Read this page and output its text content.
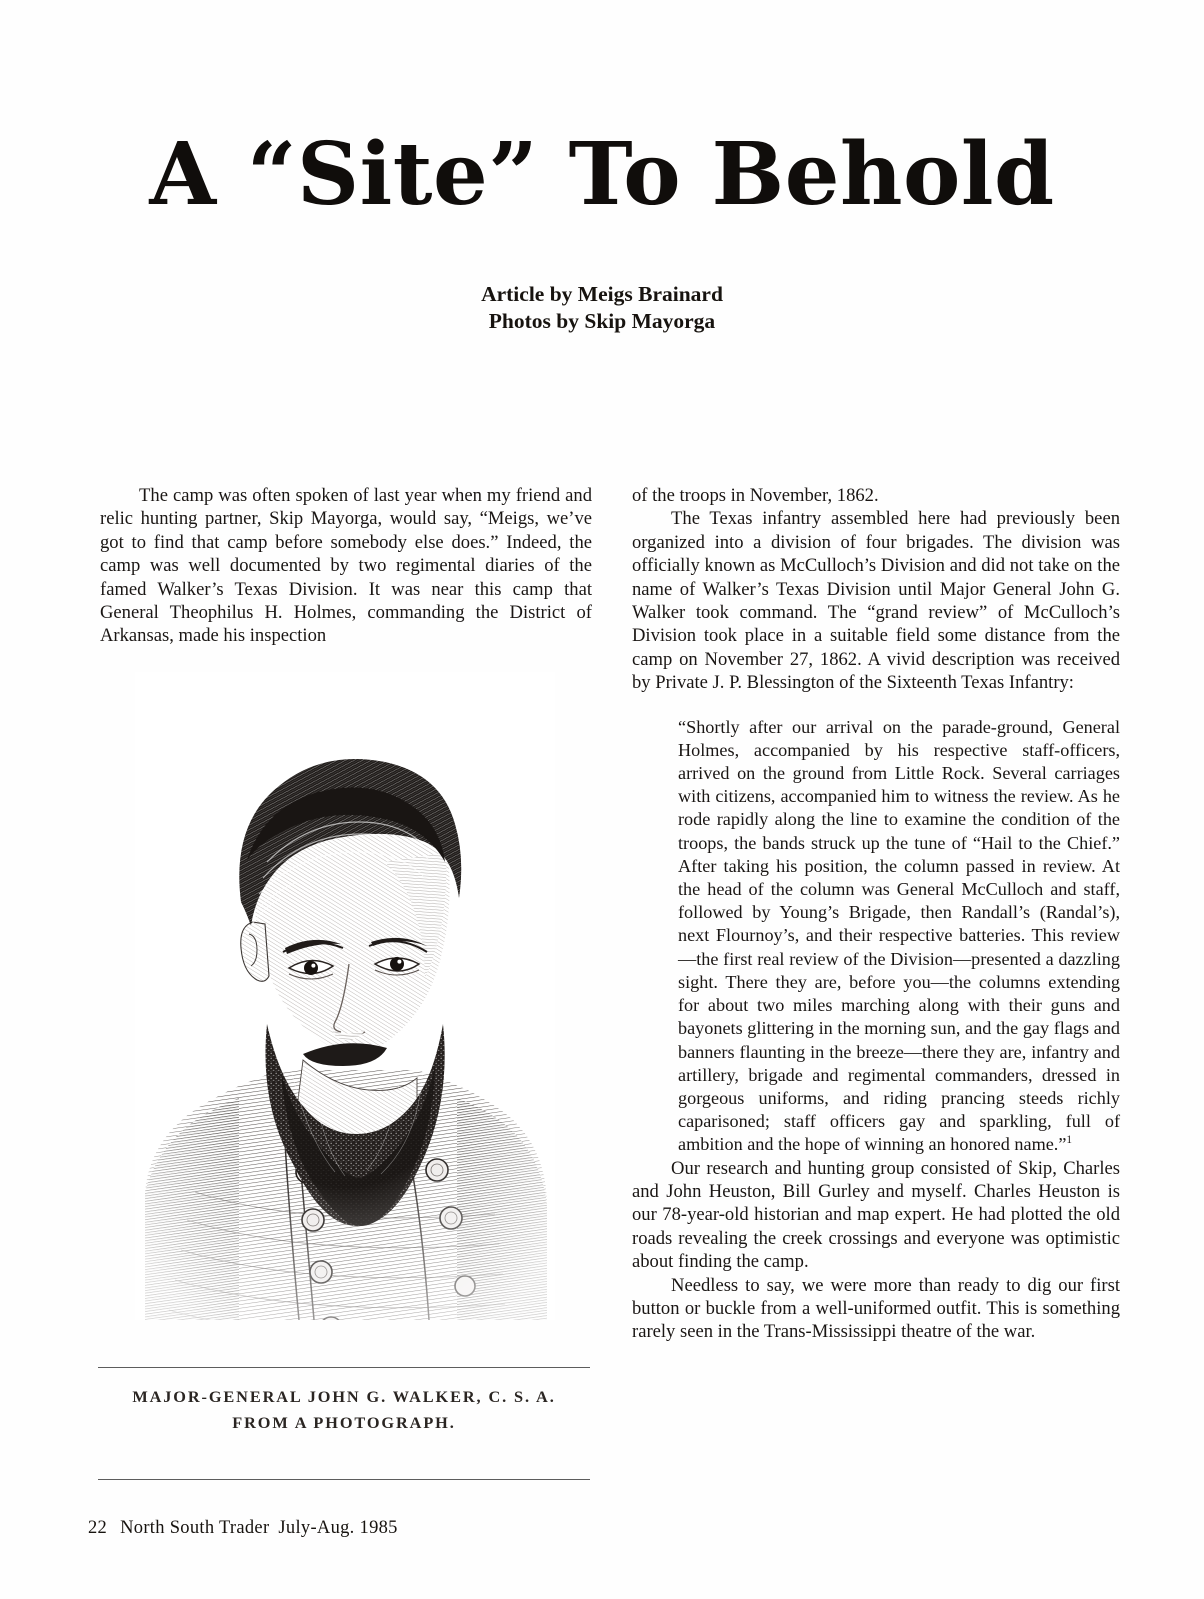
A “Site” To Behold
Article by Meigs Brainard
Photos by Skip Mayorga

The camp was often spoken of last year when my friend and relic hunting partner, Skip Mayorga, would say, “Meigs, we’ve got to find that camp before somebody else does.” Indeed, the camp was well documented by two regimental diaries of the famed Walker’s Texas Division. It was near this camp that General Theophilus H. Holmes, commanding the District of Arkansas, made his inspection

MAJOR-GENERAL JOHN G. WALKER, C. S. A.
FROM A PHOTOGRAPH.

of the troops in November, 1862.

The Texas infantry assembled here had previously been organized into a division of four brigades. The division was officially known as McCulloch’s Division and did not take on the name of Walker’s Texas Division until Major General John G. Walker took command. The “grand review” of McCulloch’s Division took place in a suitable field some distance from the camp on November 27, 1862. A vivid description was received by Private J. P. Blessington of the Sixteenth Texas Infantry:

“Shortly after our arrival on the parade-ground, General Holmes, accompanied by his respective staff-officers, arrived on the ground from Little Rock. Several carriages with citizens, accompanied him to witness the review. As he rode rapidly along the line to examine the condition of the troops, the bands struck up the tune of “Hail to the Chief.” After taking his position, the column passed in review. At the head of the column was General McCulloch and staff, followed by Young’s Brigade, then Randall’s (Randal’s), next Flournoy’s, and their respective batteries. This review—the first real review of the Division—presented a dazzling sight. There they are, before you—the columns extending for about two miles marching along with their guns and bayonets glittering in the morning sun, and the gay flags and banners flaunting in the breeze—there they are, infantry and artillery, brigade and regimental commanders, dressed in gorgeous uniforms, and riding prancing steeds richly caparisoned; staff officers gay and sparkling, full of ambition and the hope of winning an honored name.”$^1$

Our research and hunting group consisted of Skip, Charles and John Heuston, Bill Gurley and myself. Charles Heuston is our 78-year-old historian and map expert. He had plotted the old roads revealing the creek crossings and everyone was optimistic about finding the camp.

Needless to say, we were more than ready to dig our first button or buckle from a well-uniformed outfit. This is something rarely seen in the Trans-Mississippi theatre of the war.

22 North South Trader July-Aug. 1985
